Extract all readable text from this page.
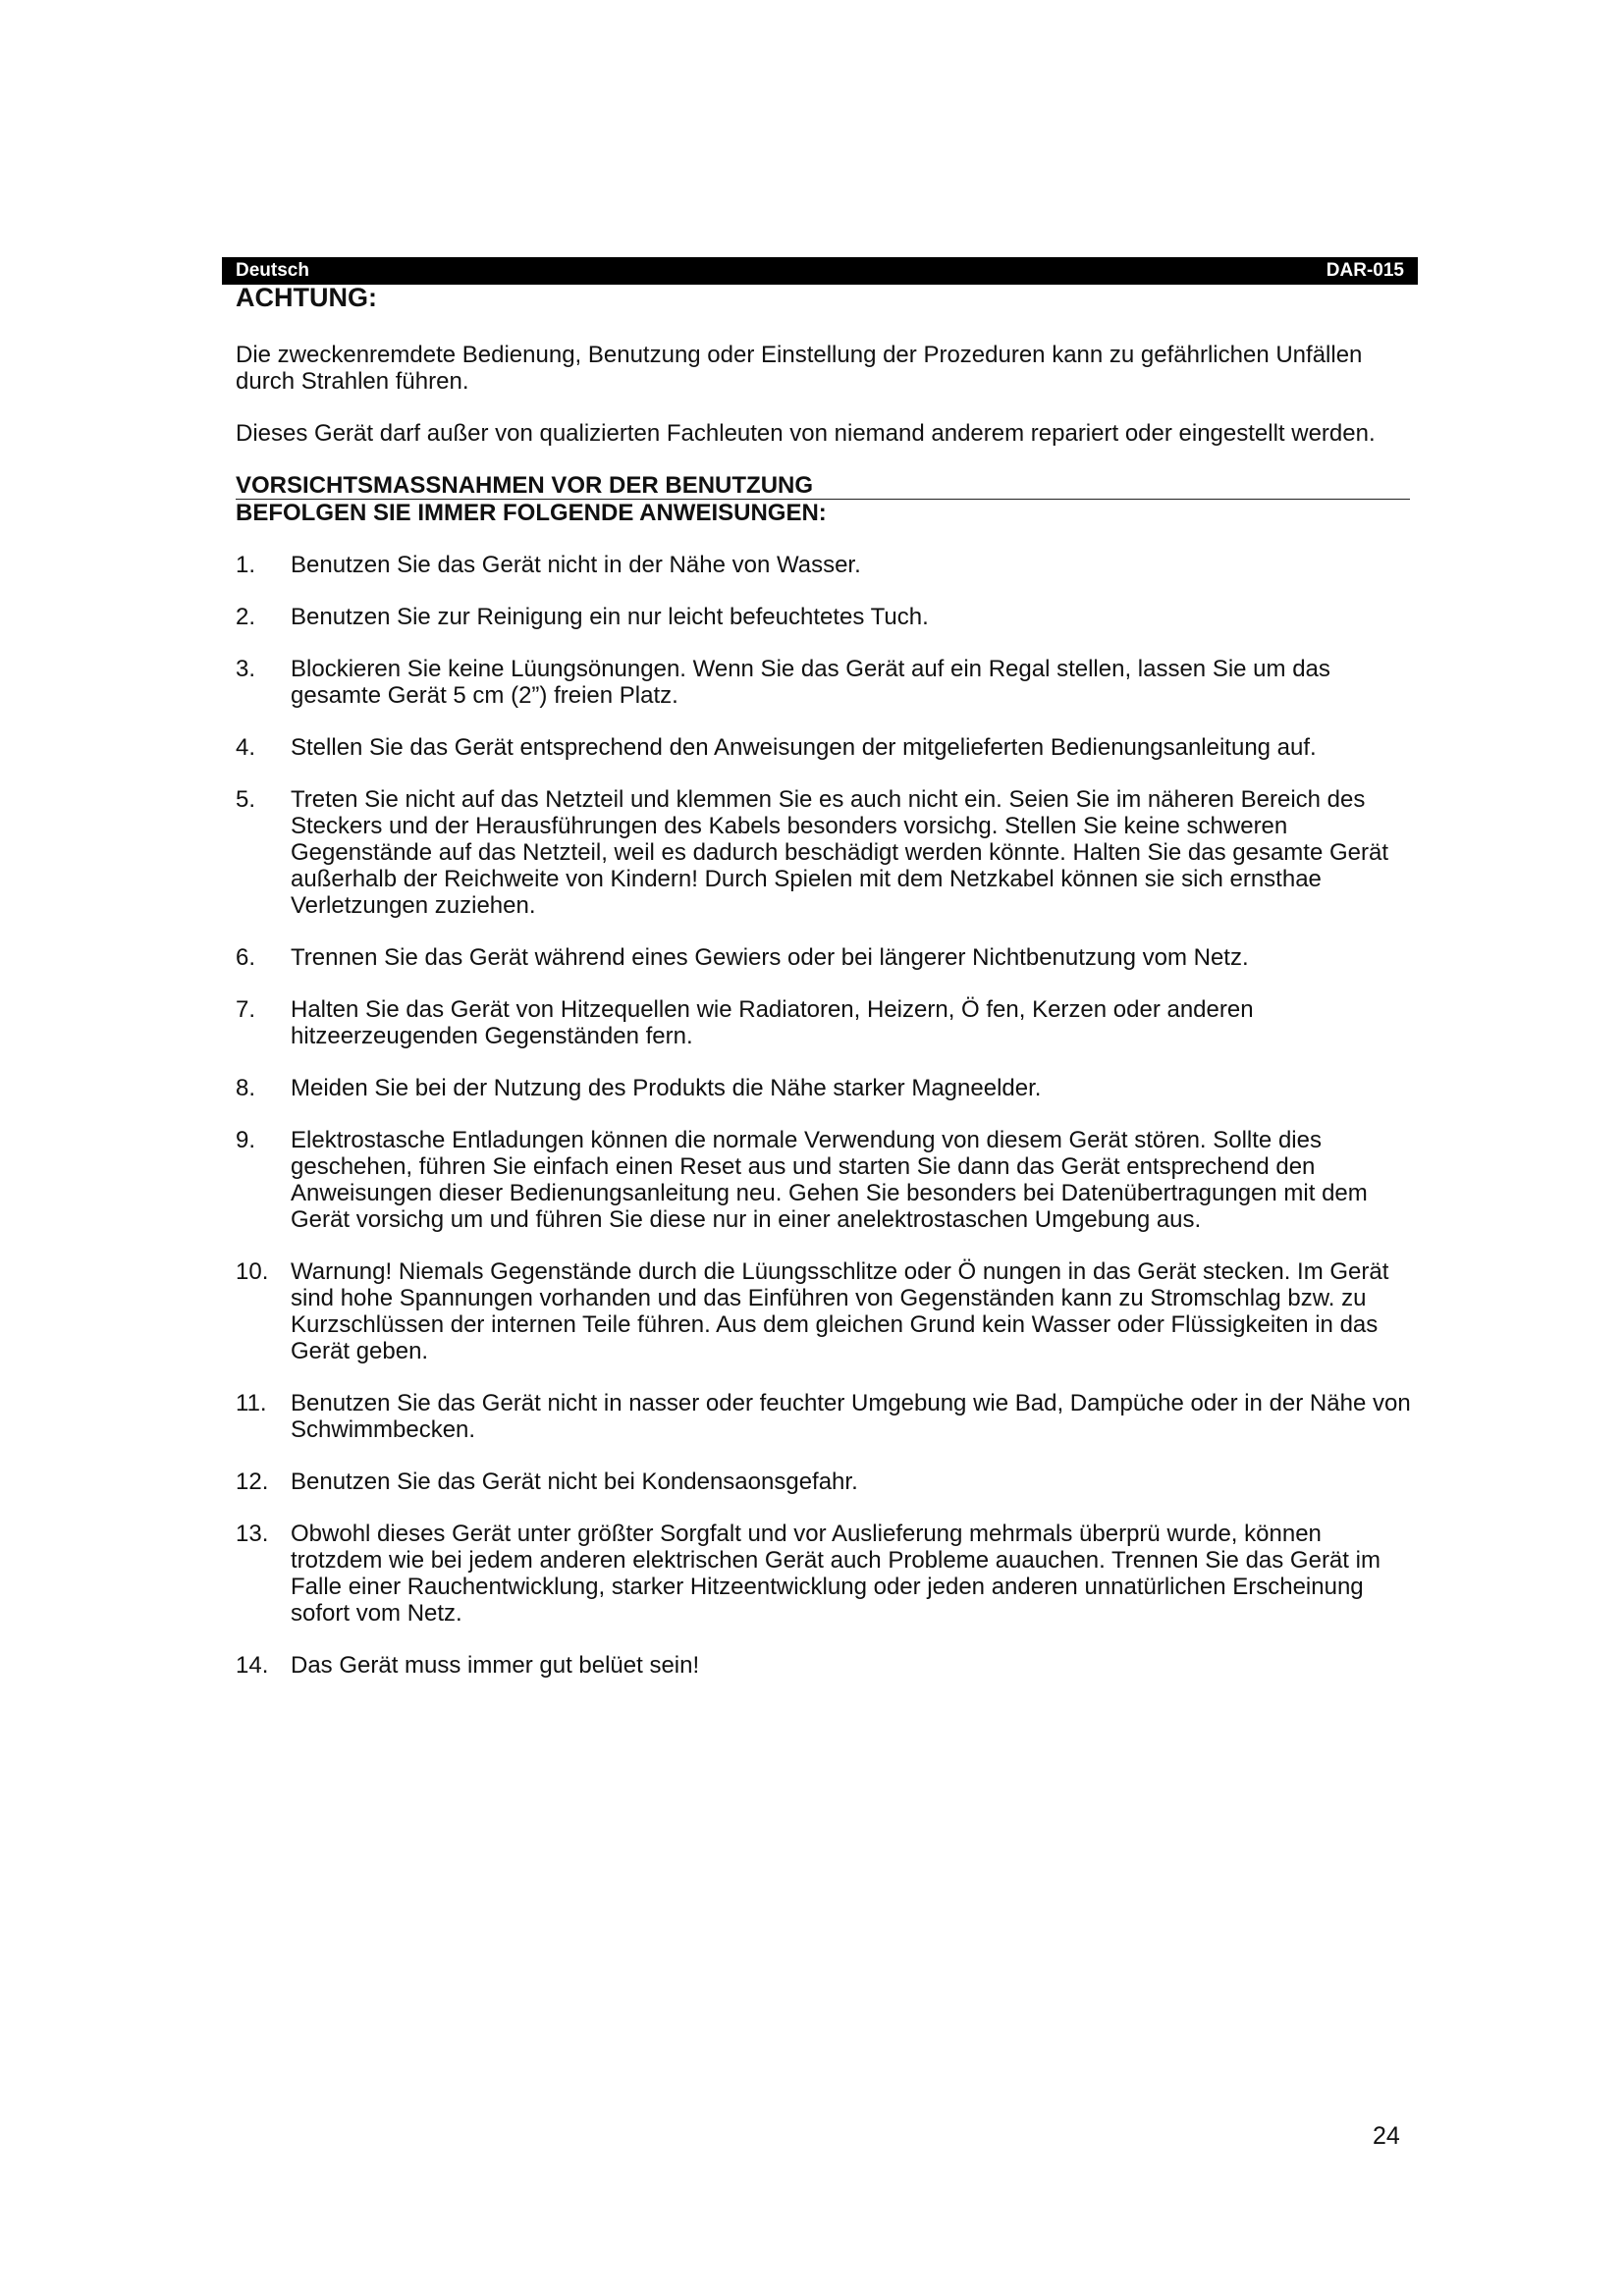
Deutsch	DAR-015
ACHTUNG:

Die zweckenremdete Bedienung, Benutzung oder Einstellung der Prozeduren kann zu gefährlichen Unfällen durch Strahlen führen.

Dieses Gerät darf außer von qualizierten Fachleuten von niemand anderem repariert oder eingestellt werden.

VORSICHTSMASSNAHMEN VOR DER BENUTZUNG
BEFOLGEN SIE IMMER FOLGENDE ANWEISUNGEN:
1. Benutzen Sie das Gerät nicht in der Nähe von Wasser.
2. Benutzen Sie zur Reinigung ein nur leicht befeuchtetes Tuch.
3. Blockieren Sie keine Lüungsönungen. Wenn Sie das Gerät auf ein Regal stellen, lassen Sie um das gesamte Gerät 5 cm (2”) freien Platz.
4. Stellen Sie das Gerät entsprechend den Anweisungen der mitgelieferten Bedienungsanleitung auf.
5. Treten Sie nicht auf das Netzteil und klemmen Sie es auch nicht ein. Seien Sie im näheren Bereich des Steckers und der Herausführungen des Kabels besonders vorsichg. Stellen Sie keine schweren Gegenstände auf das Netzteil, weil es dadurch beschädigt werden könnte. Halten Sie das gesamte Gerät außerhalb der Reichweite von Kindern! Durch Spielen mit dem Netzkabel können sie sich ernsthae Verletzungen zuziehen.
6. Trennen Sie das Gerät während eines Gewiers oder bei längerer Nichtbenutzung vom Netz.
7. Halten Sie das Gerät von Hitzequellen wie Radiatoren, Heizern, Ö fen, Kerzen oder anderen hitzeerzeugenden Gegenständen fern.
8. Meiden Sie bei der Nutzung des Produkts die Nähe starker Magneelder.
9. Elektrostasche Entladungen können die normale Verwendung von diesem Gerät stören. Sollte dies geschehen, führen Sie einfach einen Reset aus und starten Sie dann das Gerät entsprechend den Anweisungen dieser Bedienungsanleitung neu. Gehen Sie besonders bei Datenübertragungen mit dem Gerät vorsichg um und führen Sie diese nur in einer anelektrostaschen Umgebung aus.
10. Warnung! Niemals Gegenstände durch die Lüungsschlitze oder Ö nungen in das Gerät stecken. Im Gerät sind hohe Spannungen vorhanden und das Einführen von Gegenständen kann zu Stromschlag bzw. zu Kurzschlüssen der internen Teile führen. Aus dem gleichen Grund kein Wasser oder Flüssigkeiten in das Gerät geben.
11. Benutzen Sie das Gerät nicht in nasser oder feuchter Umgebung wie Bad, Dampüche oder in der Nähe von Schwimmbecken.
12. Benutzen Sie das Gerät nicht bei Kondensaonsgefahr.
13. Obwohl dieses Gerät unter größter Sorgfalt und vor Auslieferung mehrmals überprü wurde, können trotzdem wie bei jedem anderen elektrischen Gerät auch Probleme auauchen. Trennen Sie das Gerät im Falle einer Rauchentwicklung, starker Hitzeentwicklung oder jeden anderen unnatürlichen Erscheinung sofort vom Netz.
14. Das Gerät muss immer gut belüet sein!
24
